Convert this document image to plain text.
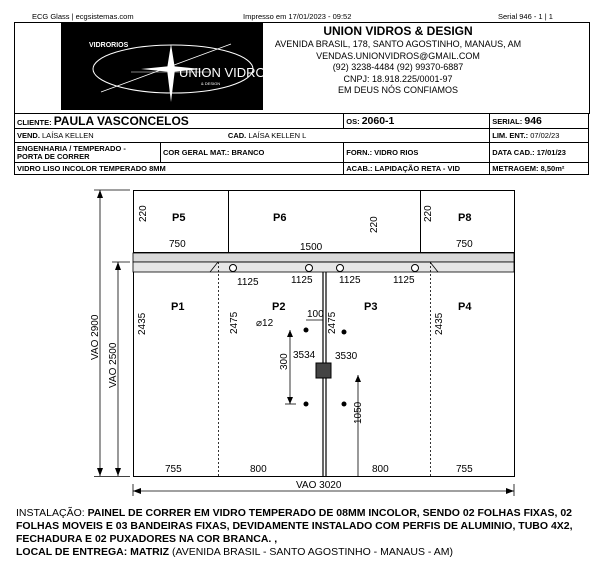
ECG Glass | ecgsistemas.com	Impresso em 17/01/2023 - 09:52	Serial 946 - 1 | 1
VIDRORIOS
UNION VIDROS
& DESIGN
UNION VIDROS & DESIGN
AVENIDA BRASIL, 178, SANTO AGOSTINHO, MANAUS, AM
VENDAS.UNIONVIDROS@GMAIL.COM
(92) 3238-4484 (92) 99370-6887
CNPJ: 18.918.225/0001-97
EM DEUS NÓS CONFIAMOS
CLIENTE: PAULA VASCONCELOS		OS: 2060-1	SERIAL: 946
VEND. LAÍSA KELLEN CAD. LAÍSA KELLEN L			LIM. ENT.: 07/02/23

ENGENHARIA / TEMPERADO -
PORTA DE CORRER	COR GERAL MAT.: BRANCO	FORN.: VIDRO RIOS	DATA CAD.: 17/01/23
VIDRO LISO INCOLOR TEMPERADO 8MM		ACAB.: LAPIDAÇÃO RETA - VID	METRAGEM: 8,50m²
P5	P6	P8
P1	P2	P3	P4
220
220
220
750	1500	750
1125	1125	1125	1125
2435	2475	2475	2435
⌀12
100
300 3534 3530
1050
755	800	800	755
VAO 2900
VAO 2500
VAO 3020
INSTALAÇÃO: PAINEL DE CORRER EM VIDRO TEMPERADO DE 08MM INCOLOR, SENDO 02 FOLHAS FIXAS, 02 FOLHAS MOVEIS E 03 BANDEIRAS FIXAS, DEVIDAMENTE INSTALADO COM PERFIS DE ALUMINIO, TUBO 4X2, FECHADURA E 02 PUXADORES NA COR BRANCA. ,
LOCAL DE ENTREGA: MATRIZ (AVENIDA BRASIL - SANTO AGOSTINHO - MANAUS - AM)
